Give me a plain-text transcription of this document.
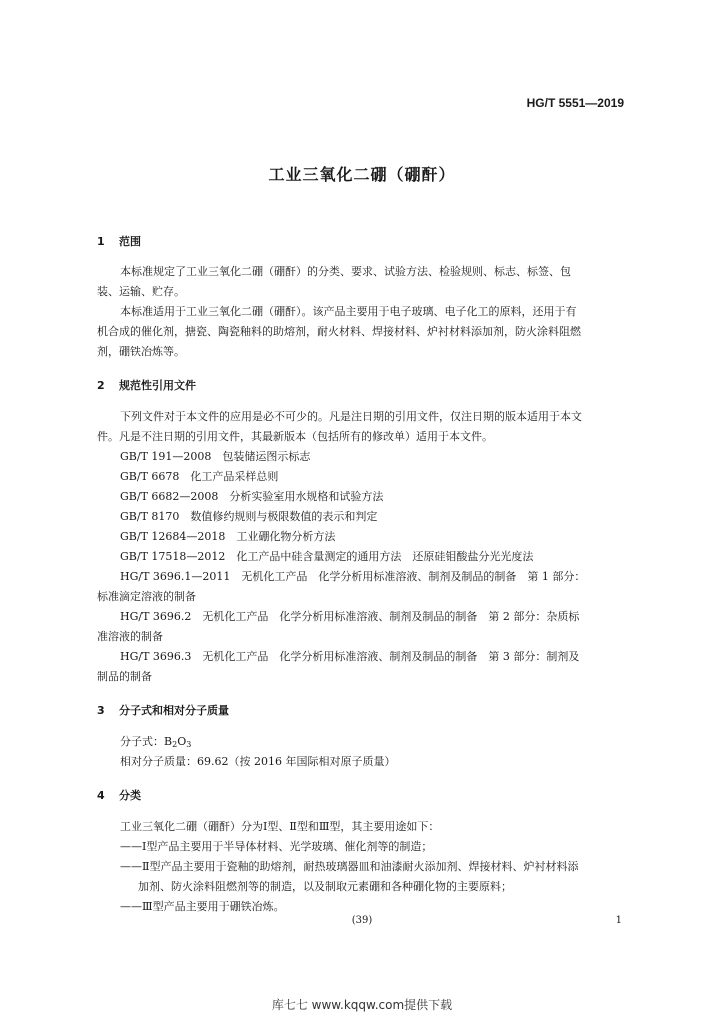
HG/T 5551—2019
工业三氧化二硼（硼酐）
1 范围
本标准规定了工业三氧化二硼（硼酐）的分类、要求、试验方法、检验规则、标志、标签、包
装、运输、贮存。
本标准适用于工业三氧化二硼（硼酐）。该产品主要用于电子玻璃、电子化工的原料，还用于有
机合成的催化剂，搪瓷、陶瓷釉料的助熔剂，耐火材料、焊接材料、炉衬材料添加剂，防火涂料阻燃
剂，硼铁冶炼等。
2 规范性引用文件
下列文件对于本文件的应用是必不可少的。凡是注日期的引用文件，仅注日期的版本适用于本文
件。凡是不注日期的引用文件，其最新版本（包括所有的修改单）适用于本文件。
GB/T 191—2008　包装储运图示标志
GB/T 6678　化工产品采样总则
GB/T 6682—2008　分析实验室用水规格和试验方法
GB/T 8170　数值修约规则与极限数值的表示和判定
GB/T 12684—2018　工业硼化物分析方法
GB/T 17518—2012　化工产品中硅含量测定的通用方法　还原硅钼酸盐分光光度法
HG/T 3696.1—2011　无机化工产品　化学分析用标准溶液、制剂及制品的制备　第 1 部分：
标准滴定溶液的制备
HG/T 3696.2　无机化工产品　化学分析用标准溶液、制剂及制品的制备　第 2 部分：杂质标
准溶液的制备
HG/T 3696.3　无机化工产品　化学分析用标准溶液、制剂及制品的制备　第 3 部分：制剂及
制品的制备
3 分子式和相对分子质量
分子式：$B_2O_3$
相对分子质量：69.62（按 2016 年国际相对原子质量）
4 分类
工业三氧化二硼（硼酐）分为Ⅰ型、Ⅱ型和Ⅲ型，其主要用途如下：
——Ⅰ型产品主要用于半导体材料、光学玻璃、催化剂等的制造；
——Ⅱ型产品主要用于瓷釉的助熔剂，耐热玻璃器皿和油漆耐火添加剂、焊接材料、炉衬材料添
加剂、防火涂料阻燃剂等的制造，以及制取元素硼和各种硼化物的主要原料；
——Ⅲ型产品主要用于硼铁冶炼。
(39)	1
库七七 www.kqqw.com提供下载
